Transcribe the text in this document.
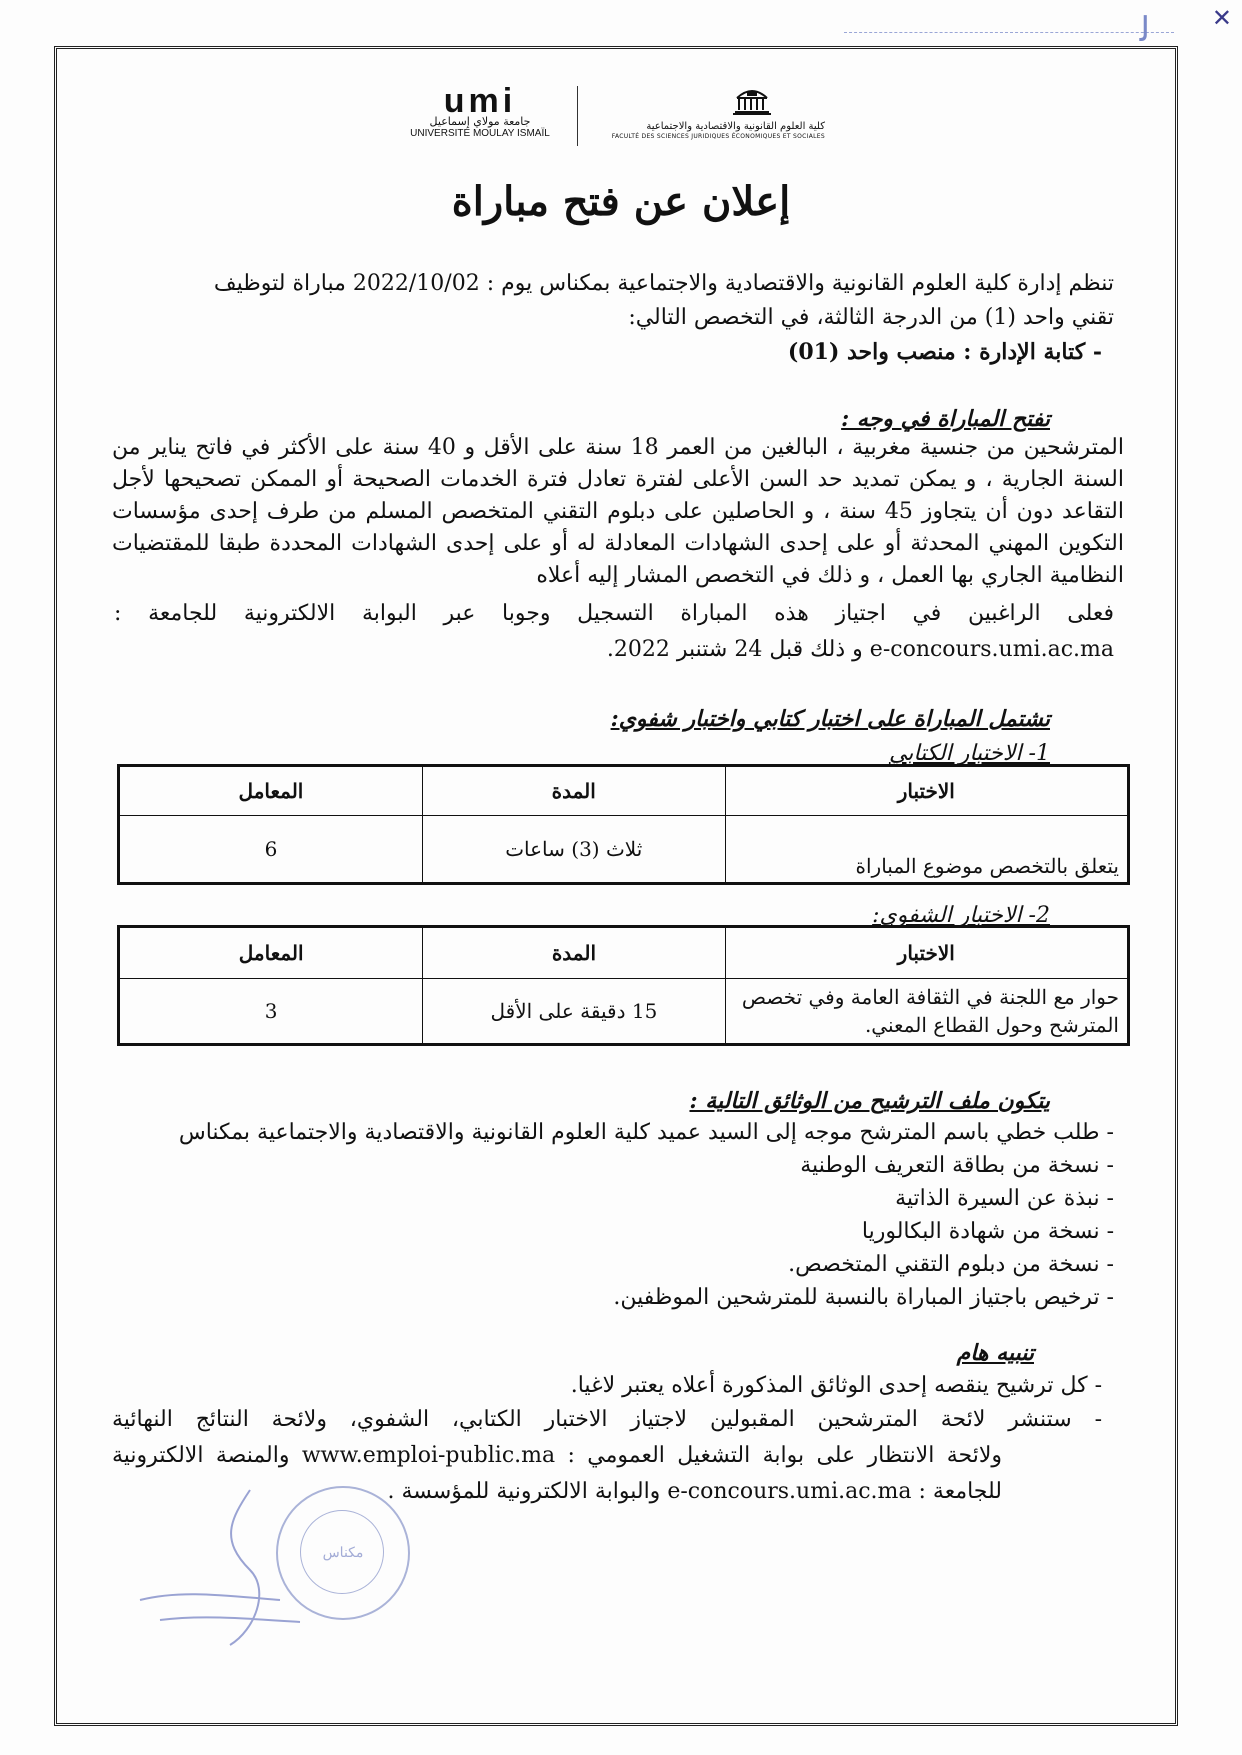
ﻟ	✕
umi
جامعة مولاي إسماعيل
UNIVERSITÉ MOULAY ISMAÏL
كلية العلوم القانونية والاقتصادية والاجتماعية
FACULTÉ DES SCIENCES JURIDIQUES ÉCONOMIQUES ET SOCIALES
إعلان عن فتح مباراة
تنظم إدارة كلية العلوم القانونية والاقتصادية والاجتماعية بمكناس يوم : 2022/10/02 مباراة لتوظيف
تقني واحد (1) من الدرجة الثالثة، في التخصص التالي:
- كتابة الإدارة : منصب واحد (01)
تفتح المباراة في وجه :
المترشحين من جنسية مغربية ، البالغين من العمر 18 سنة على الأقل و 40 سنة على الأكثر في فاتح يناير من السنة الجارية ، و يمكن تمديد حد السن الأعلى لفترة تعادل فترة الخدمات الصحيحة أو الممكن تصحيحها لأجل التقاعد دون أن يتجاوز 45 سنة ، و الحاصلين على دبلوم التقني المتخصص المسلم من طرف إحدى مؤسسات التكوين المهني المحدثة أو على إحدى الشهادات المعادلة له أو على إحدى الشهادات المحددة طبقا للمقتضيات النظامية الجاري بها العمل ، و ذلك في التخصص المشار إليه أعلاه
فعلى الراغبين في اجتياز هذه المباراة التسجيل وجوبا عبر البوابة الالكترونية للجامعة :
e-concours.umi.ac.ma و ذلك قبل 24 شتنبر 2022.
تشتمل المباراة على اختبار كتابي واختبار شفوي:
1- الاختبار الكتابي
الاختبار	المدة	المعامل
يتعلق بالتخصص موضوع المباراة	ثلاث (3) ساعات	6
2- الاختبار الشفوي:
الاختبار	المدة	المعامل
حوار مع اللجنة في الثقافة العامة وفي تخصص المترشح وحول القطاع المعني.	15 دقيقة على الأقل	3
يتكون ملف الترشيح من الوثائق التالية :
- طلب خطي باسم المترشح موجه إلى السيد عميد كلية العلوم القانونية والاقتصادية والاجتماعية بمكناس
- نسخة من بطاقة التعريف الوطنية
- نبذة عن السيرة الذاتية
- نسخة من شهادة البكالوريا
- نسخة من دبلوم التقني المتخصص.
- ترخيص باجتياز المباراة بالنسبة للمترشحين الموظفين.
تنبيه هام
- كل ترشيح ينقصه إحدى الوثائق المذكورة أعلاه يعتبر لاغيا.
- ستنشر لائحة المترشحين المقبولين لاجتياز الاختبار الكتابي، الشفوي، ولائحة النتائج النهائية
ولائحة الانتظار على بوابة التشغيل العمومي : www.emploi-public.ma والمنصة الالكترونية
للجامعة : e-concours.umi.ac.ma والبوابة الالكترونية للمؤسسة .
مكناس
